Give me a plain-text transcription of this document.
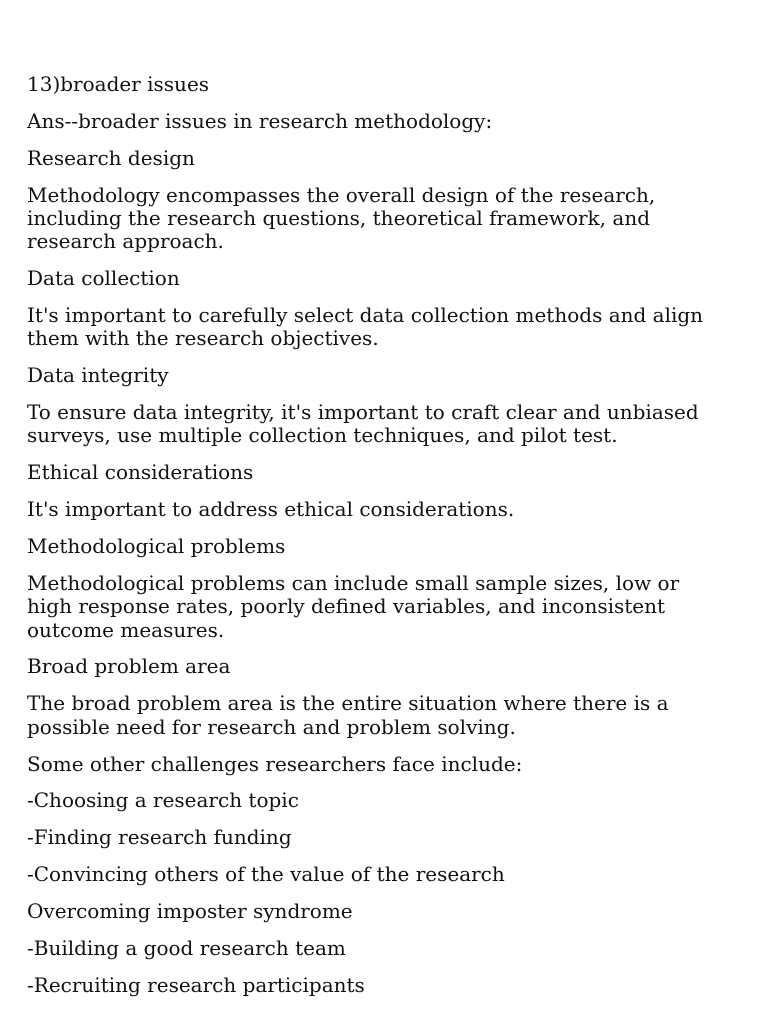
13)broader issues

Ans--broader issues in research methodology:

Research design

Methodology encompasses the overall design of the research, including the research questions, theoretical framework, and research approach.

Data collection

It's important to carefully select data collection methods and align them with the research objectives.

Data integrity

To ensure data integrity, it's important to craft clear and unbiased surveys, use multiple collection techniques, and pilot test.

Ethical considerations

It's important to address ethical considerations.

Methodological problems

Methodological problems can include small sample sizes, low or high response rates, poorly defined variables, and inconsistent outcome measures.

Broad problem area

The broad problem area is the entire situation where there is a possible need for research and problem solving.

Some other challenges researchers face include:

-Choosing a research topic

-Finding research funding

-Convincing others of the value of the research

Overcoming imposter syndrome

-Building a good research team

-Recruiting research participants
